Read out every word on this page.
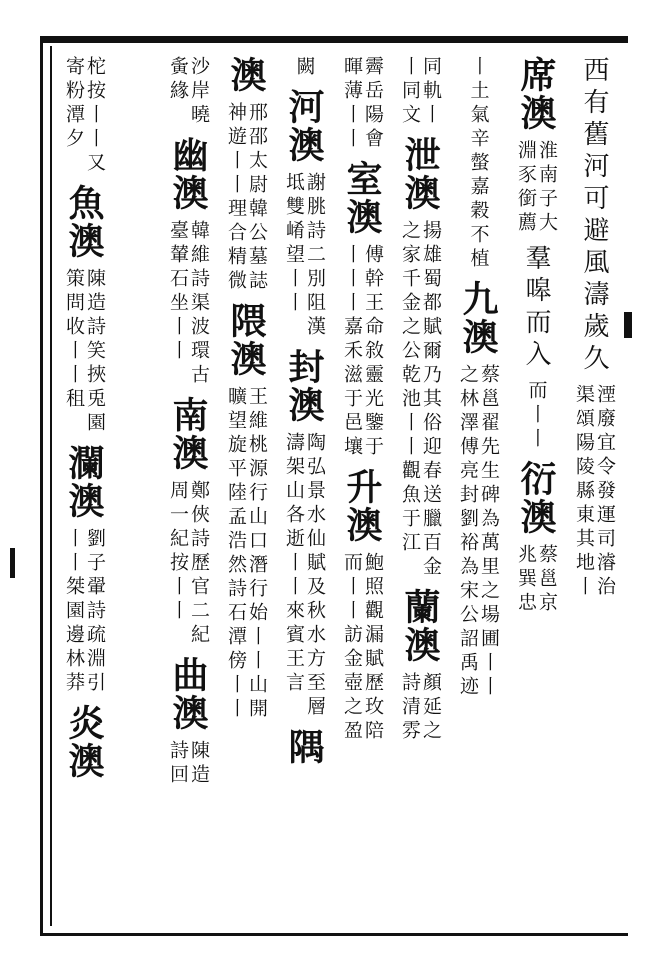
西有舊河可避風濤歲久
湮廢宜令發運司濬治
渠頌陽陵縣東其地丨
席澳
淮南子大
淵豕銜薦
羣嗥而入
而丨丨
衍澳
蔡邕京
兆巽忠
丨土氣辛螫嘉穀不植
九澳
蔡邕翟先生碑為萬里之場圃丨丨
之林澤傅亮封劉裕為宋公詔禹迹
同軌丨
丨同文
泄澳
揚雄蜀都賦爾乃其俗迎春送臘百金
之家千金之公乾池丨丨觀魚于江
蘭澳
顏延之
詩清雰
霽岳陽會
暉薄丨丨
室澳
傅幹王命敘靈光鑒于
丨丨丨嘉禾滋于邑壤
升澳
鮑照觀漏賦歷玫陪
而丨丨訪金壺之盈
闕
河澳
謝朓詩二別阻漢
坻雙崤望丨丨
封澳
陶弘景水仙賦及秋水方至層
濤架山各逝丨丨來賓王言
隅
澳
邢邵太尉韓公墓誌
神遊丨丨理合精微
隈澳
王維桃源行山口潛行始丨丨山開
曠望旋平陸孟浩然詩石潭傍丨丨
沙岸曉
夤緣
幽澳
韓維詩渠波環古
臺輦石坐丨丨
南澳
鄭俠詩歷官二紀
周一紀按丨丨
曲澳
陳造
詩回
柁按丨丨又
寄粉潭夕
魚澳
陳造詩笑挾兎園
策問收丨丨租
瀾澳
劉子翬詩疏淵引
丨丨桀園邊林莽
炎澳
